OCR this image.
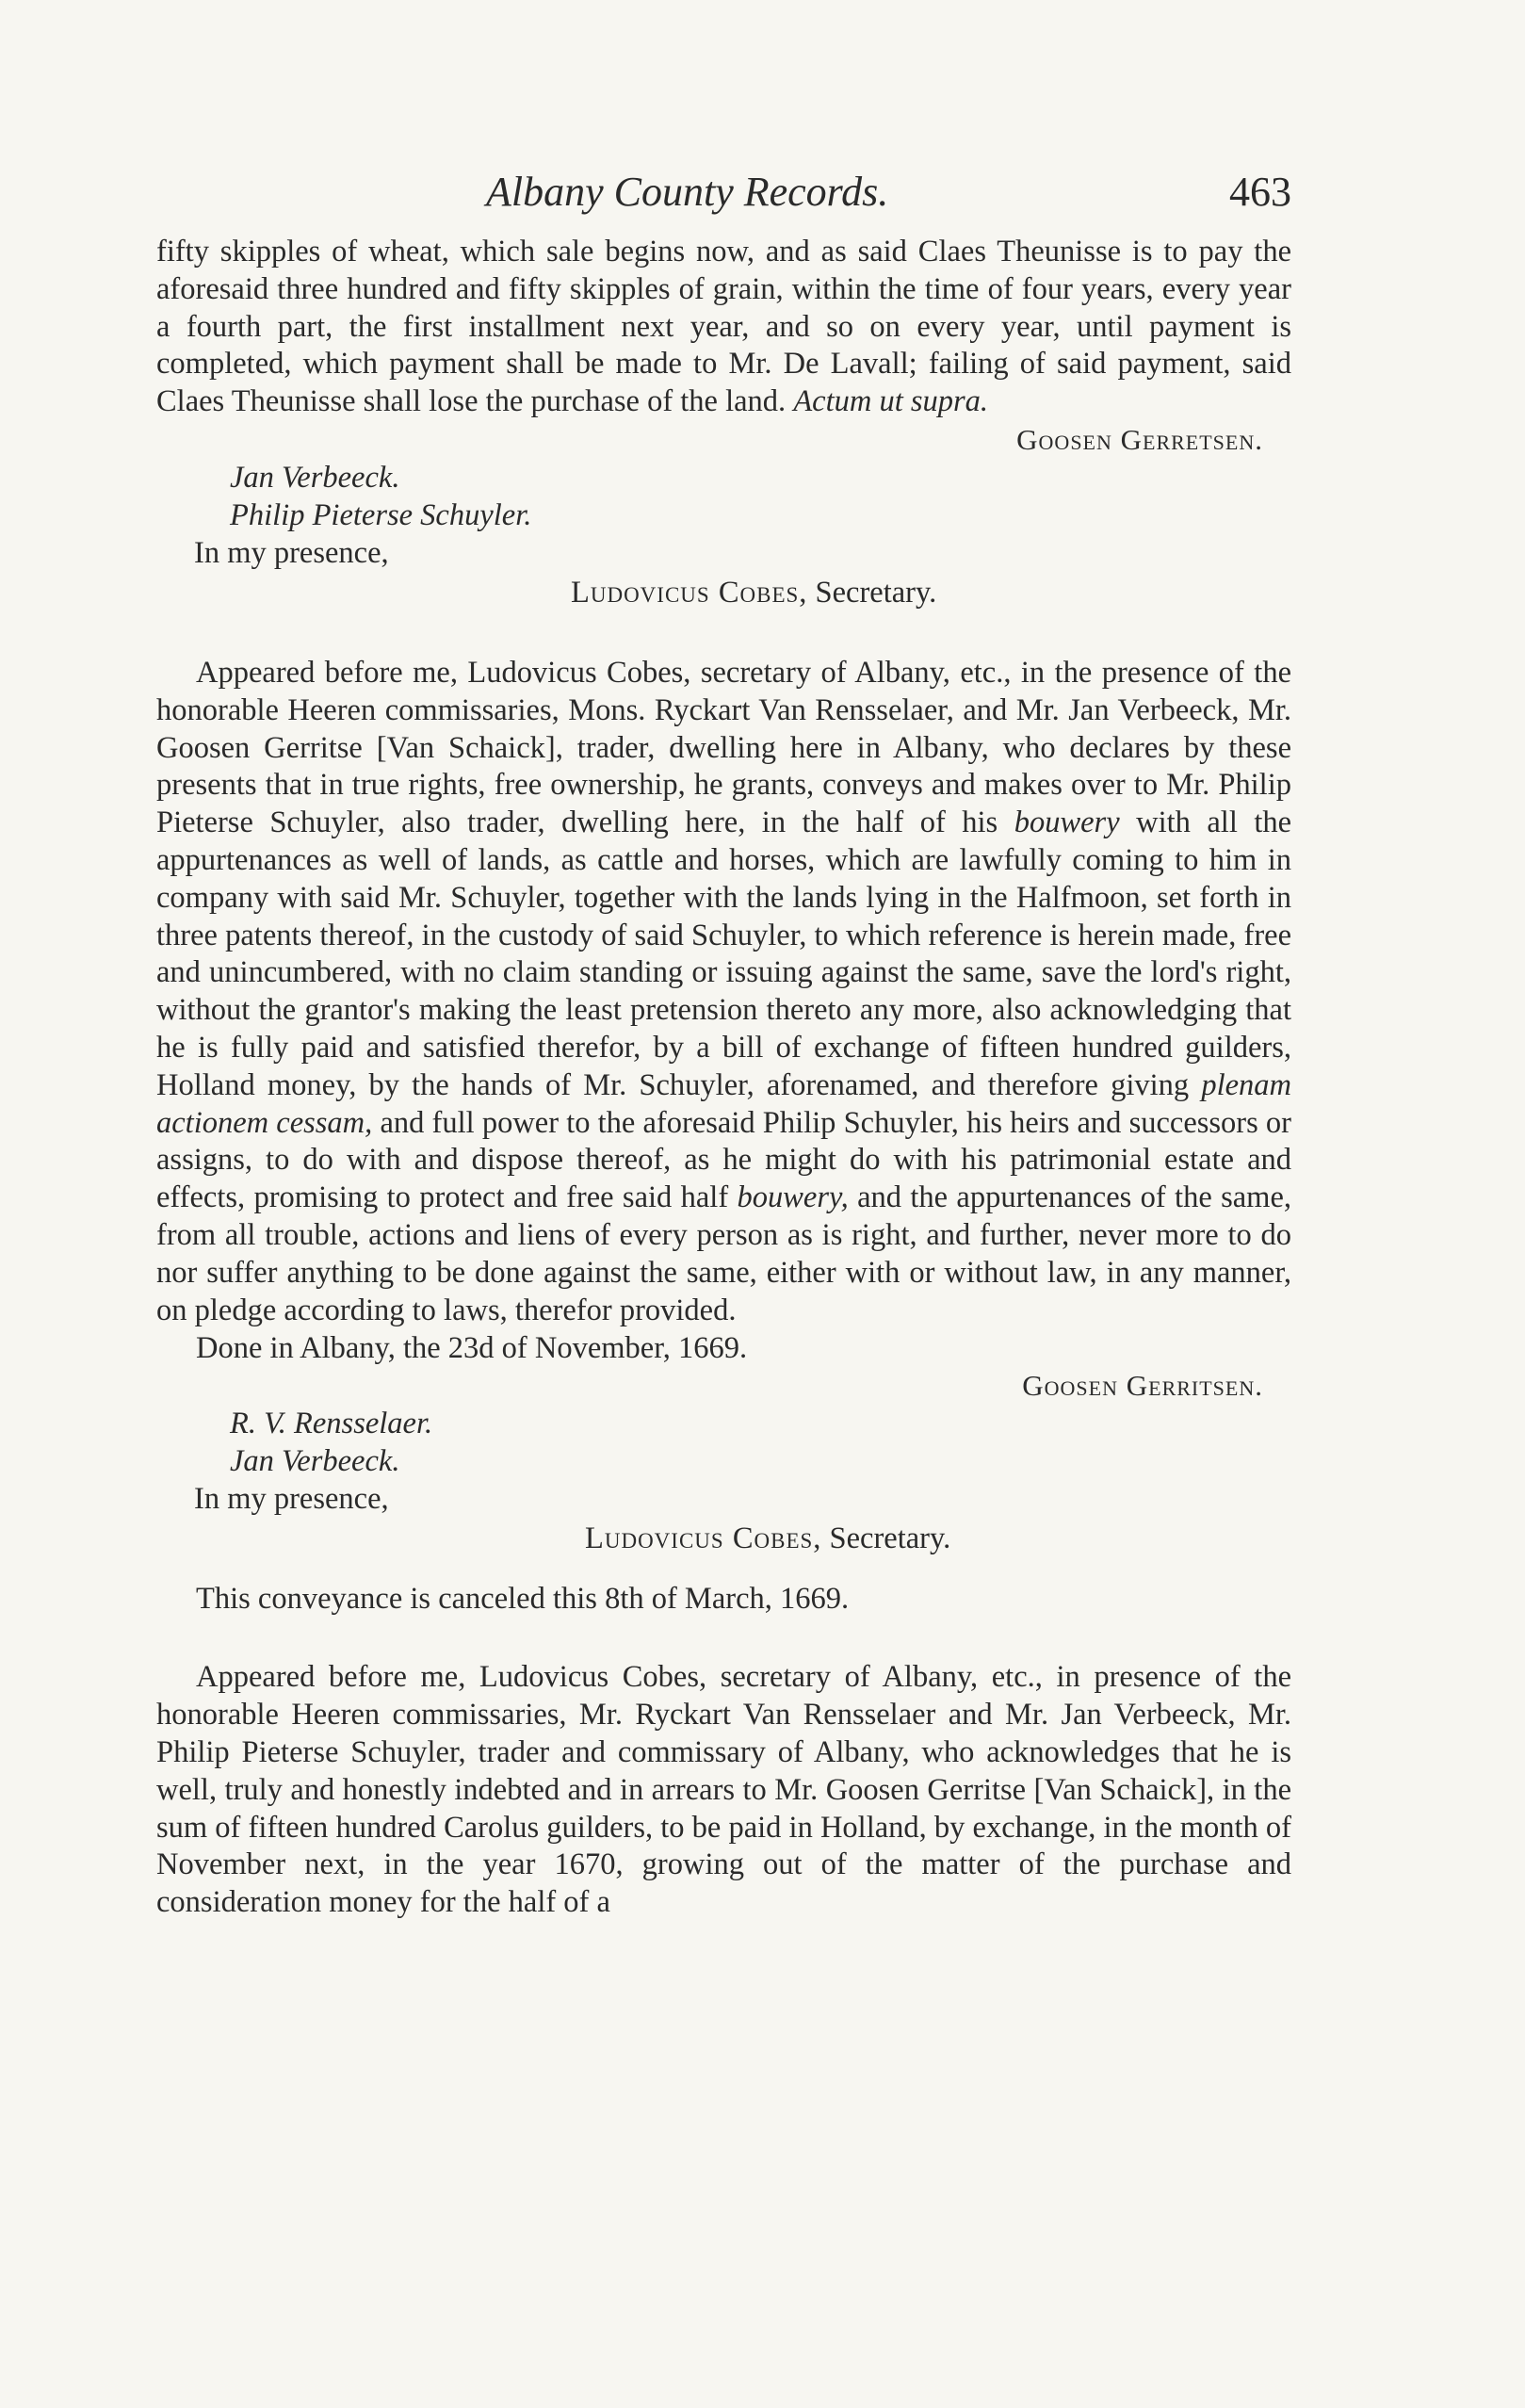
Albany County Records.	463

fifty skipples of wheat, which sale begins now, and as said Claes Theunisse is to pay the aforesaid three hundred and fifty skipples of grain, within the time of four years, every year a fourth part, the first installment next year, and so on every year, until payment is completed, which payment shall be made to Mr. De Lavall; failing of said payment, said Claes Theunisse shall lose the purchase of the land. Actum ut supra.

Goosen Gerretsen.
Jan Verbeeck.
Philip Pieterse Schuyler.
In my presence,
Ludovicus Cobes, Secretary.

Appeared before me, Ludovicus Cobes, secretary of Albany, etc., in the presence of the honorable Heeren commissaries, Mons. Ryckart Van Rensselaer, and Mr. Jan Verbeeck, Mr. Goosen Gerritse [Van Schaick], trader, dwelling here in Albany, who declares by these presents that in true rights, free ownership, he grants, conveys and makes over to Mr. Philip Pieterse Schuyler, also trader, dwelling here, in the half of his bouwery with all the appurtenances as well of lands, as cattle and horses, which are lawfully coming to him in company with said Mr. Schuyler, together with the lands lying in the Halfmoon, set forth in three patents thereof, in the custody of said Schuyler, to which reference is herein made, free and unincumbered, with no claim standing or issuing against the same, save the lord's right, without the grantor's making the least pretension thereto any more, also acknowledging that he is fully paid and satisfied therefor, by a bill of exchange of fifteen hundred guilders, Holland money, by the hands of Mr. Schuyler, aforenamed, and therefore giving plenam actionem cessam, and full power to the aforesaid Philip Schuyler, his heirs and successors or assigns, to do with and dispose thereof, as he might do with his patrimonial estate and effects, promising to protect and free said half bouwery, and the appurtenances of the same, from all trouble, actions and liens of every person as is right, and further, never more to do nor suffer anything to be done against the same, either with or without law, in any manner, on pledge according to laws, therefor provided.

Done in Albany, the 23d of November, 1669.
Goosen Gerritsen.
R. V. Rensselaer.
Jan Verbeeck.
In my presence,
Ludovicus Cobes, Secretary.
This conveyance is canceled this 8th of March, 1669.

Appeared before me, Ludovicus Cobes, secretary of Albany, etc., in presence of the honorable Heeren commissaries, Mr. Ryckart Van Rensselaer and Mr. Jan Verbeeck, Mr. Philip Pieterse Schuyler, trader and commissary of Albany, who acknowledges that he is well, truly and honestly indebted and in arrears to Mr. Goosen Gerritse [Van Schaick], in the sum of fifteen hundred Carolus guilders, to be paid in Holland, by exchange, in the month of November next, in the year 1670, growing out of the matter of the purchase and consideration money for the half of a
